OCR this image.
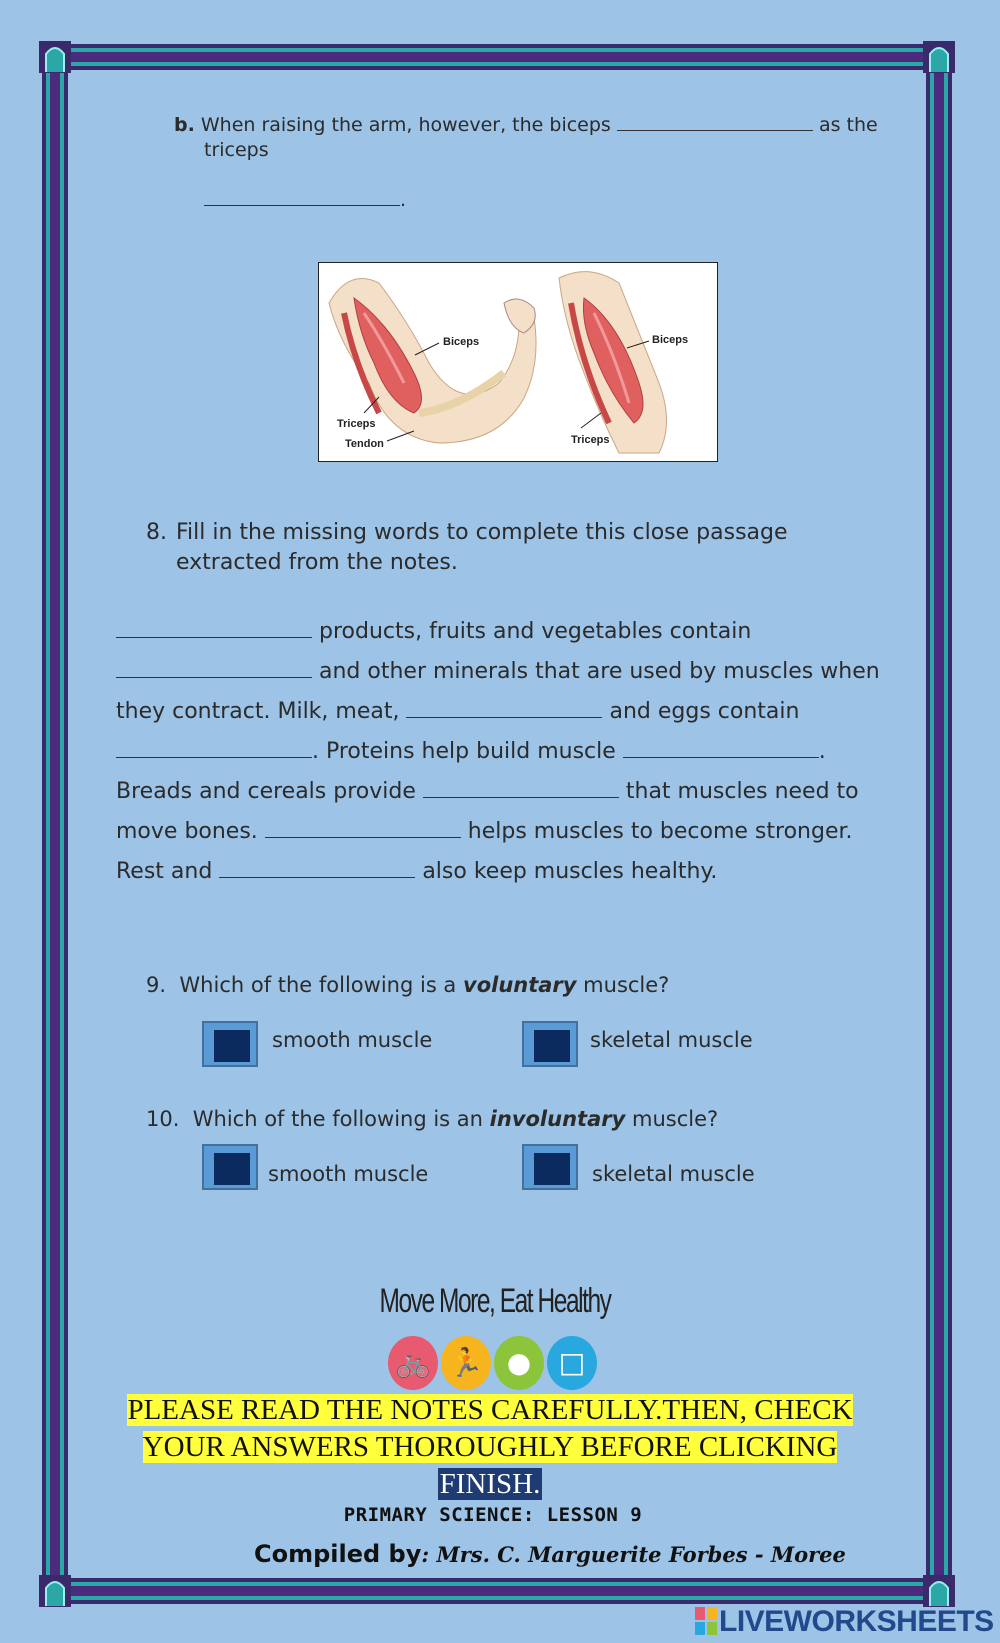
b. When raising the arm, however, the biceps	as the
triceps
.
Biceps
Triceps
Tendon
Biceps
Triceps
8. Fill in the missing words to complete this close passage
extracted from the notes.
products, fruits and vegetables contain
and other minerals that are used by muscles when
they contract. Milk, meat,	and eggs contain
. Proteins help build muscle	.
Breads and cereals provide	that muscles need to
move bones.	helps muscles to become stronger.
Rest and	also keep muscles healthy.
9. Which of the following is a voluntary muscle?
smooth muscle	skeletal muscle
10. Which of the following is an involuntary muscle?
smooth muscle	skeletal muscle
Move More, Eat Healthy
🚲 🏃 ● □
PLEASE READ THE NOTES CAREFULLY.THEN, CHECK
YOUR ANSWERS THOROUGHLY BEFORE CLICKING
FINISH.
PRIMARY SCIENCE: LESSON 9
Compiled by: Mrs. C. Marguerite Forbes - Moree
LIVEWORKSHEETS
